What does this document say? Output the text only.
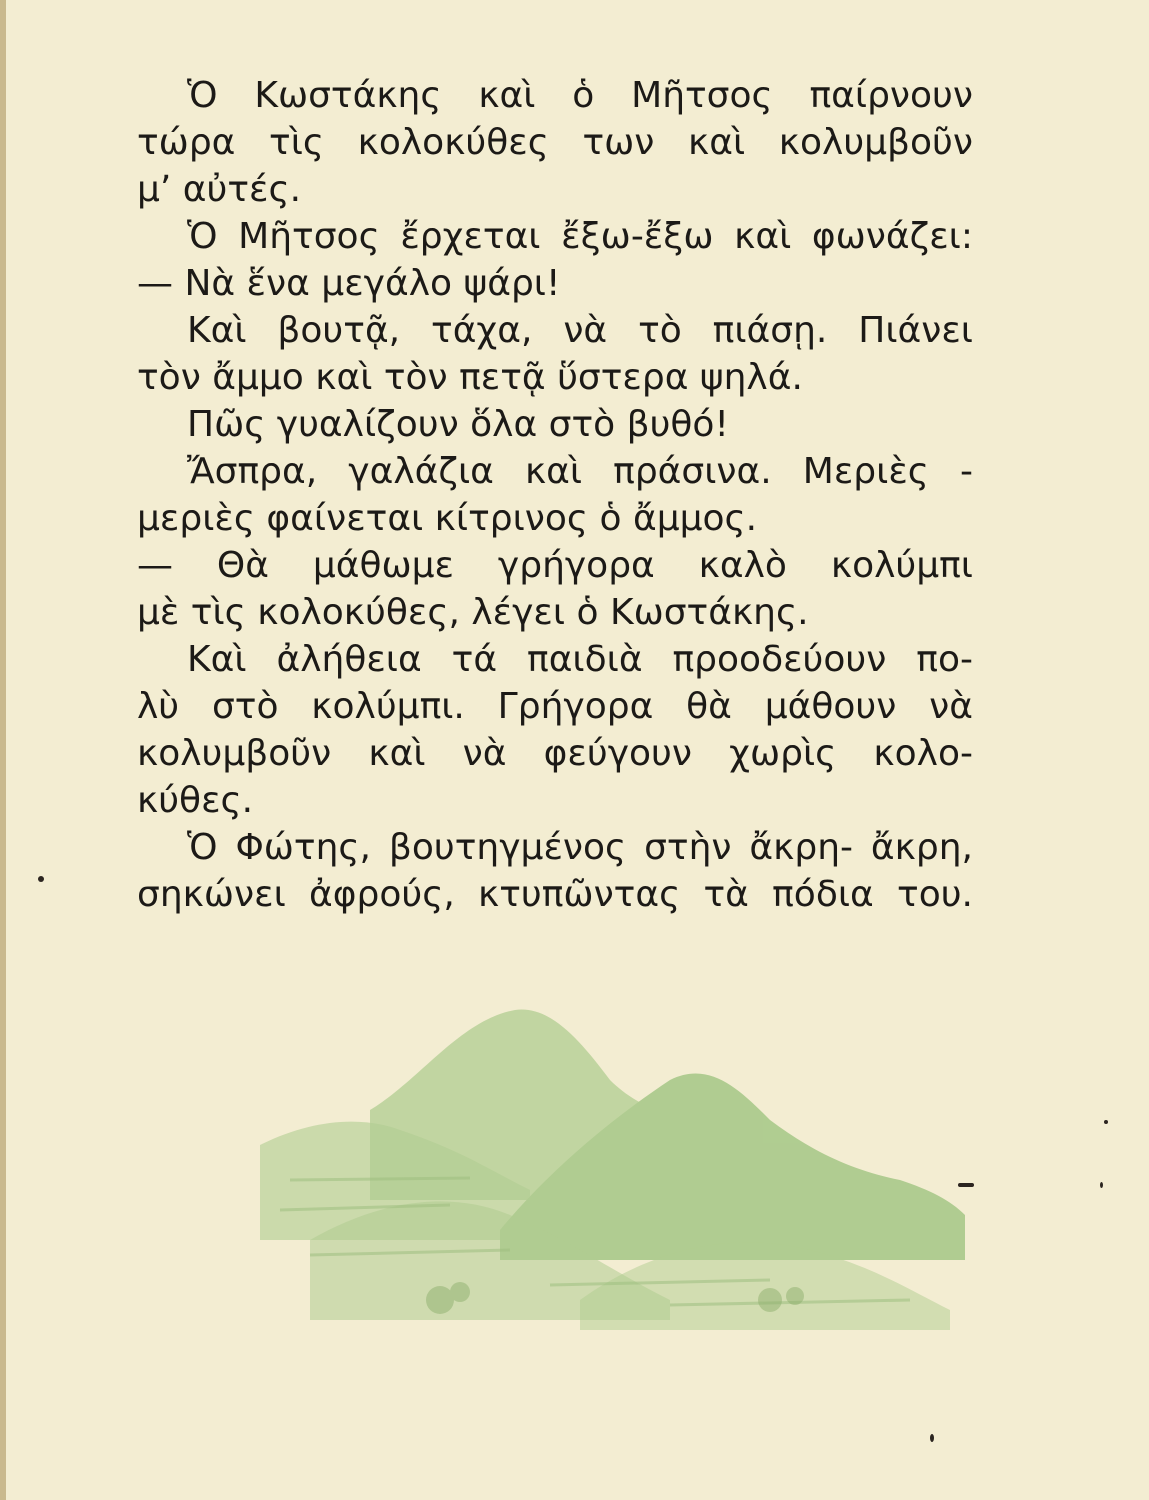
Ὁ Κωστάκης καὶ ὁ Μῆτσος παίρνουν
τώρα τὶς κολοκύθες των καὶ κολυμβοῦν
μ’ αὐτές.
Ὁ Μῆτσος ἔρχεται ἔξω-ἔξω καὶ φωνάζει:
— Νὰ ἕνα μεγάλο ψάρι!
Καὶ βουτᾷ, τάχα, νὰ τὸ πιάσῃ. Πιάνει
τὸν ἄμμο καὶ τὸν πετᾷ ὕστερα ψηλά.
Πῶς γυαλίζουν ὅλα στὸ βυθό!
Ἄσπρα, γαλάζια καὶ πράσινα. Μεριὲς -
μεριὲς φαίνεται κίτρινος ὁ ἄμμος.
— Θὰ μάθωμε γρήγορα καλὸ κολύμπι
μὲ τὶς κολοκύθες, λέγει ὁ Κωστάκης.
Καὶ ἀλήθεια τά παιδιὰ προοδεύουν πο-
λὺ στὸ κολύμπι. Γρήγορα θὰ μάθουν νὰ
κολυμβοῦν καὶ νὰ φεύγουν χωρὶς κολο-
κύθες.
Ὁ Φώτης, βουτηγμένος στὴν ἄκρη- ἄκρη,
σηκώνει ἀφρούς, κτυπῶντας τὰ πόδια του.
